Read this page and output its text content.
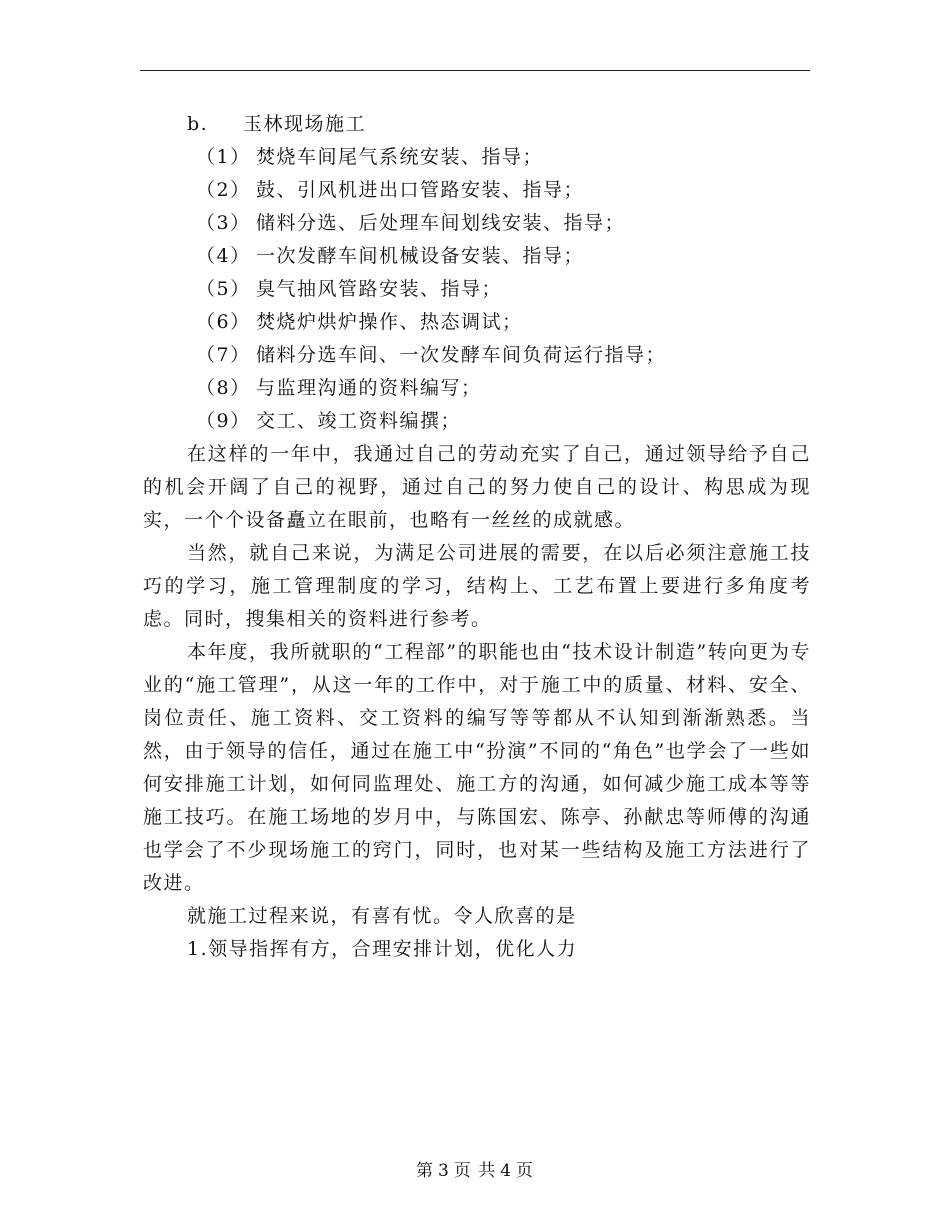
b. 玉林现场施工
（1） 焚烧车间尾气系统安装、指导；
（2） 鼓、引风机进出口管路安装、指导；
（3） 储料分选、后处理车间划线安装、指导；
（4） 一次发酵车间机械设备安装、指导；
（5） 臭气抽风管路安装、指导；
（6） 焚烧炉烘炉操作、热态调试；
（7） 储料分选车间、一次发酵车间负荷运行指导；
（8） 与监理沟通的资料编写；
（9） 交工、竣工资料编撰；

在这样的一年中，我通过自己的劳动充实了自己，通过领导给予自己的机会开阔了自己的视野，通过自己的努力使自己的设计、构思成为现实，一个个设备矗立在眼前，也略有一丝丝的成就感。

当然，就自己来说，为满足公司进展的需要，在以后必须注意施工技巧的学习，施工管理制度的学习，结构上、工艺布置上要进行多角度考虑。同时，搜集相关的资料进行参考。

本年度，我所就职的“工程部”的职能也由“技术设计制造”转向更为专业的“施工管理”，从这一年的工作中，对于施工中的质量、材料、安全、岗位责任、施工资料、交工资料的编写等等都从不认知到渐渐熟悉。当然，由于领导的信任，通过在施工中“扮演”不同的“角色”也学会了一些如何安排施工计划，如何同监理处、施工方的沟通，如何减少施工成本等等施工技巧。在施工场地的岁月中，与陈国宏、陈亭、孙献忠等师傅的沟通也学会了不少现场施工的窍门，同时，也对某一些结构及施工方法进行了改进。

就施工过程来说，有喜有忧。令人欣喜的是

1.领导指挥有方，合理安排计划，优化人力

第 3 页 共 4 页
